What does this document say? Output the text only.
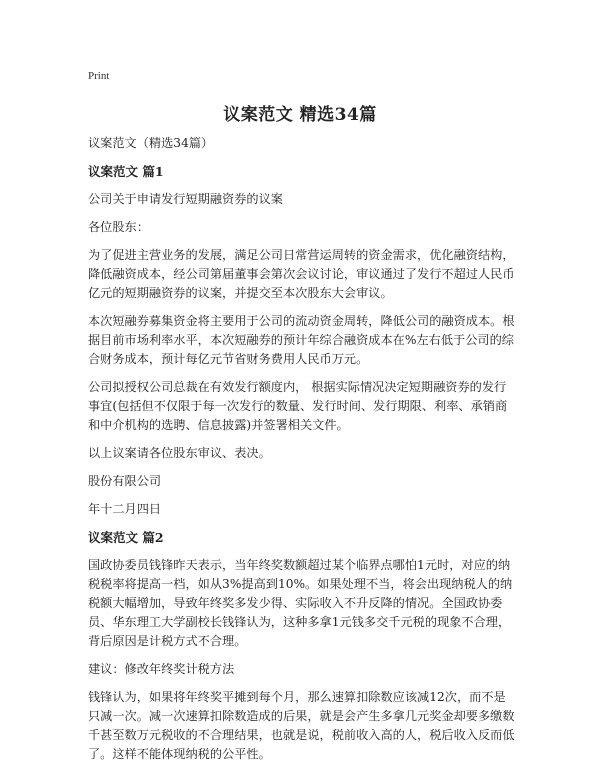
Print
议案范文 精选34篇

议案范文（精选34篇）

议案范文 篇1

公司关于申请发行短期融资券的议案

各位股东：

为了促进主营业务的发展，满足公司日常营运周转的资金需求，优化融资结构，降低融资成本，经公司第届董事会第次会议讨论，审议通过了发行不超过人民币亿元的短期融资券的议案，并提交至本次股东大会审议。

本次短融券募集资金将主要用于公司的流动资金周转，降低公司的融资成本。根据目前市场利率水平，本次短融券的预计年综合融资成本在%左右低于公司的综合财务成本，预计每亿元节省财务费用人民币万元。

公司拟授权公司总裁在有效发行额度内， 根据实际情况决定短期融资券的发行事宜(包括但不仅限于每一次发行的数量、发行时间、发行期限、利率、承销商和中介机构的选聘、信息披露)并签署相关文件。

以上议案请各位股东审议、表决。

股份有限公司

年十二月四日

议案范文 篇2

国政协委员钱锋昨天表示，当年终奖数额超过某个临界点哪怕1元时，对应的纳税税率将提高一档，如从3%提高到10%。如果处理不当，将会出现纳税人的纳税额大幅增加，导致年终奖多发少得、实际收入不升反降的情况。全国政协委员、华东理工大学副校长钱锋认为，这种多拿1元钱多交千元税的现象不合理，背后原因是计税方式不合理。

建议：修改年终奖计税方法

钱锋认为，如果将年终奖平摊到每个月，那么速算扣除数应该减12次，而不是只减一次。减一次速算扣除数造成的后果，就是会产生多拿几元奖金却要多缴数千甚至数万元税收的不合理结果，也就是说，税前收入高的人，税后收入反而低了。这样不能体现纳税的公平性。
